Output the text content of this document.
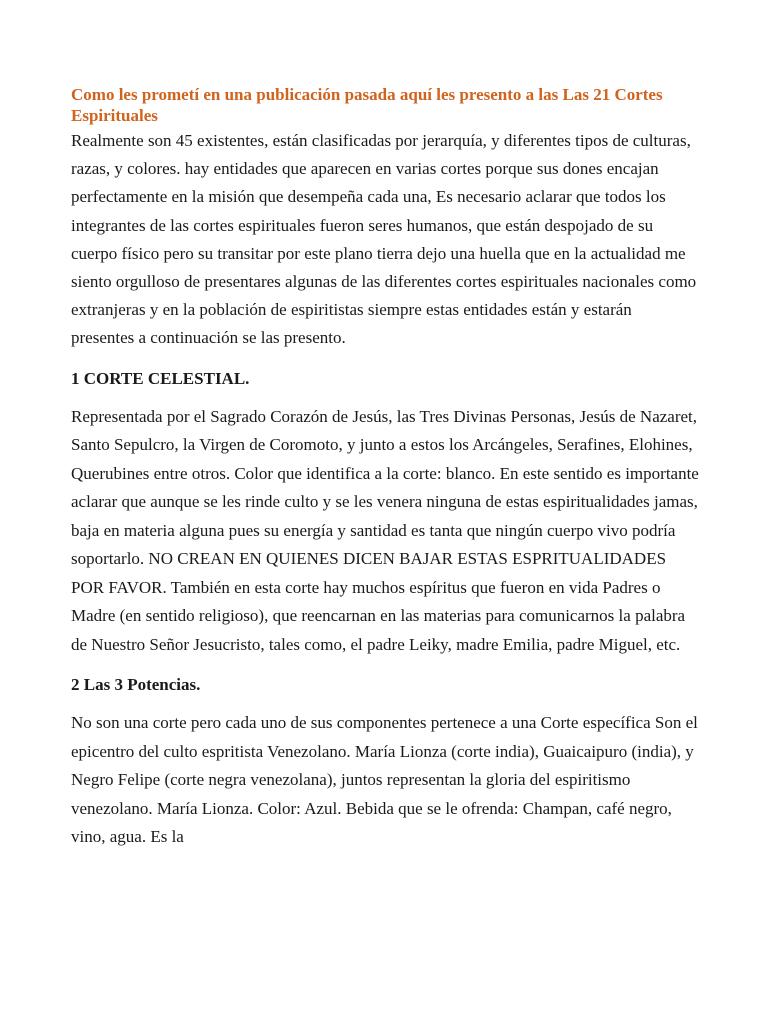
Como les prometí en una publicación pasada aquí les presento a las Las 21 Cortes Espirituales

Realmente son 45 existentes, están clasificadas por jerarquía, y diferentes tipos de culturas, razas, y colores. hay entidades que aparecen en varias cortes porque sus dones encajan perfectamente en la misión que desempeña cada una, Es necesario aclarar que todos los integrantes de las cortes espirituales fueron seres humanos, que están despojado de su cuerpo físico pero su transitar por este plano tierra dejo una huella que en la actualidad me siento orgulloso de presentares algunas de las diferentes cortes espirituales nacionales como extranjeras y en la población de espiritistas siempre estas entidades están y estarán presentes a continuación se las presento.

1 CORTE CELESTIAL.

Representada por el Sagrado Corazón de Jesús, las Tres Divinas Personas, Jesús de Nazaret, Santo Sepulcro, la Virgen de Coromoto, y junto a estos los Arcángeles, Serafines, Elohines, Querubines entre otros. Color que identifica a la corte: blanco. En este sentido es importante aclarar que aunque se les rinde culto y se les venera ninguna de estas espiritualidades jamas, baja en materia alguna pues su energía y santidad es tanta que ningún cuerpo vivo podría soportarlo. NO CREAN EN QUIENES DICEN BAJAR ESTAS ESPRITUALIDADES POR FAVOR. También en esta corte hay muchos espíritus que fueron en vida Padres o Madre (en sentido religioso), que reencarnan en las materias para comunicarnos la palabra de Nuestro Señor Jesucristo, tales como, el padre Leiky, madre Emilia, padre Miguel, etc.

2 Las 3 Potencias.

No son una corte pero cada uno de sus componentes pertenece a una Corte específica Son el epicentro del culto espritista Venezolano. María Lionza (corte india), Guaicaipuro (india), y Negro Felipe (corte negra venezolana), juntos representan la gloria del espiritismo venezolano. María Lionza. Color: Azul. Bebida que se le ofrenda: Champan, café negro, vino, agua. Es la
